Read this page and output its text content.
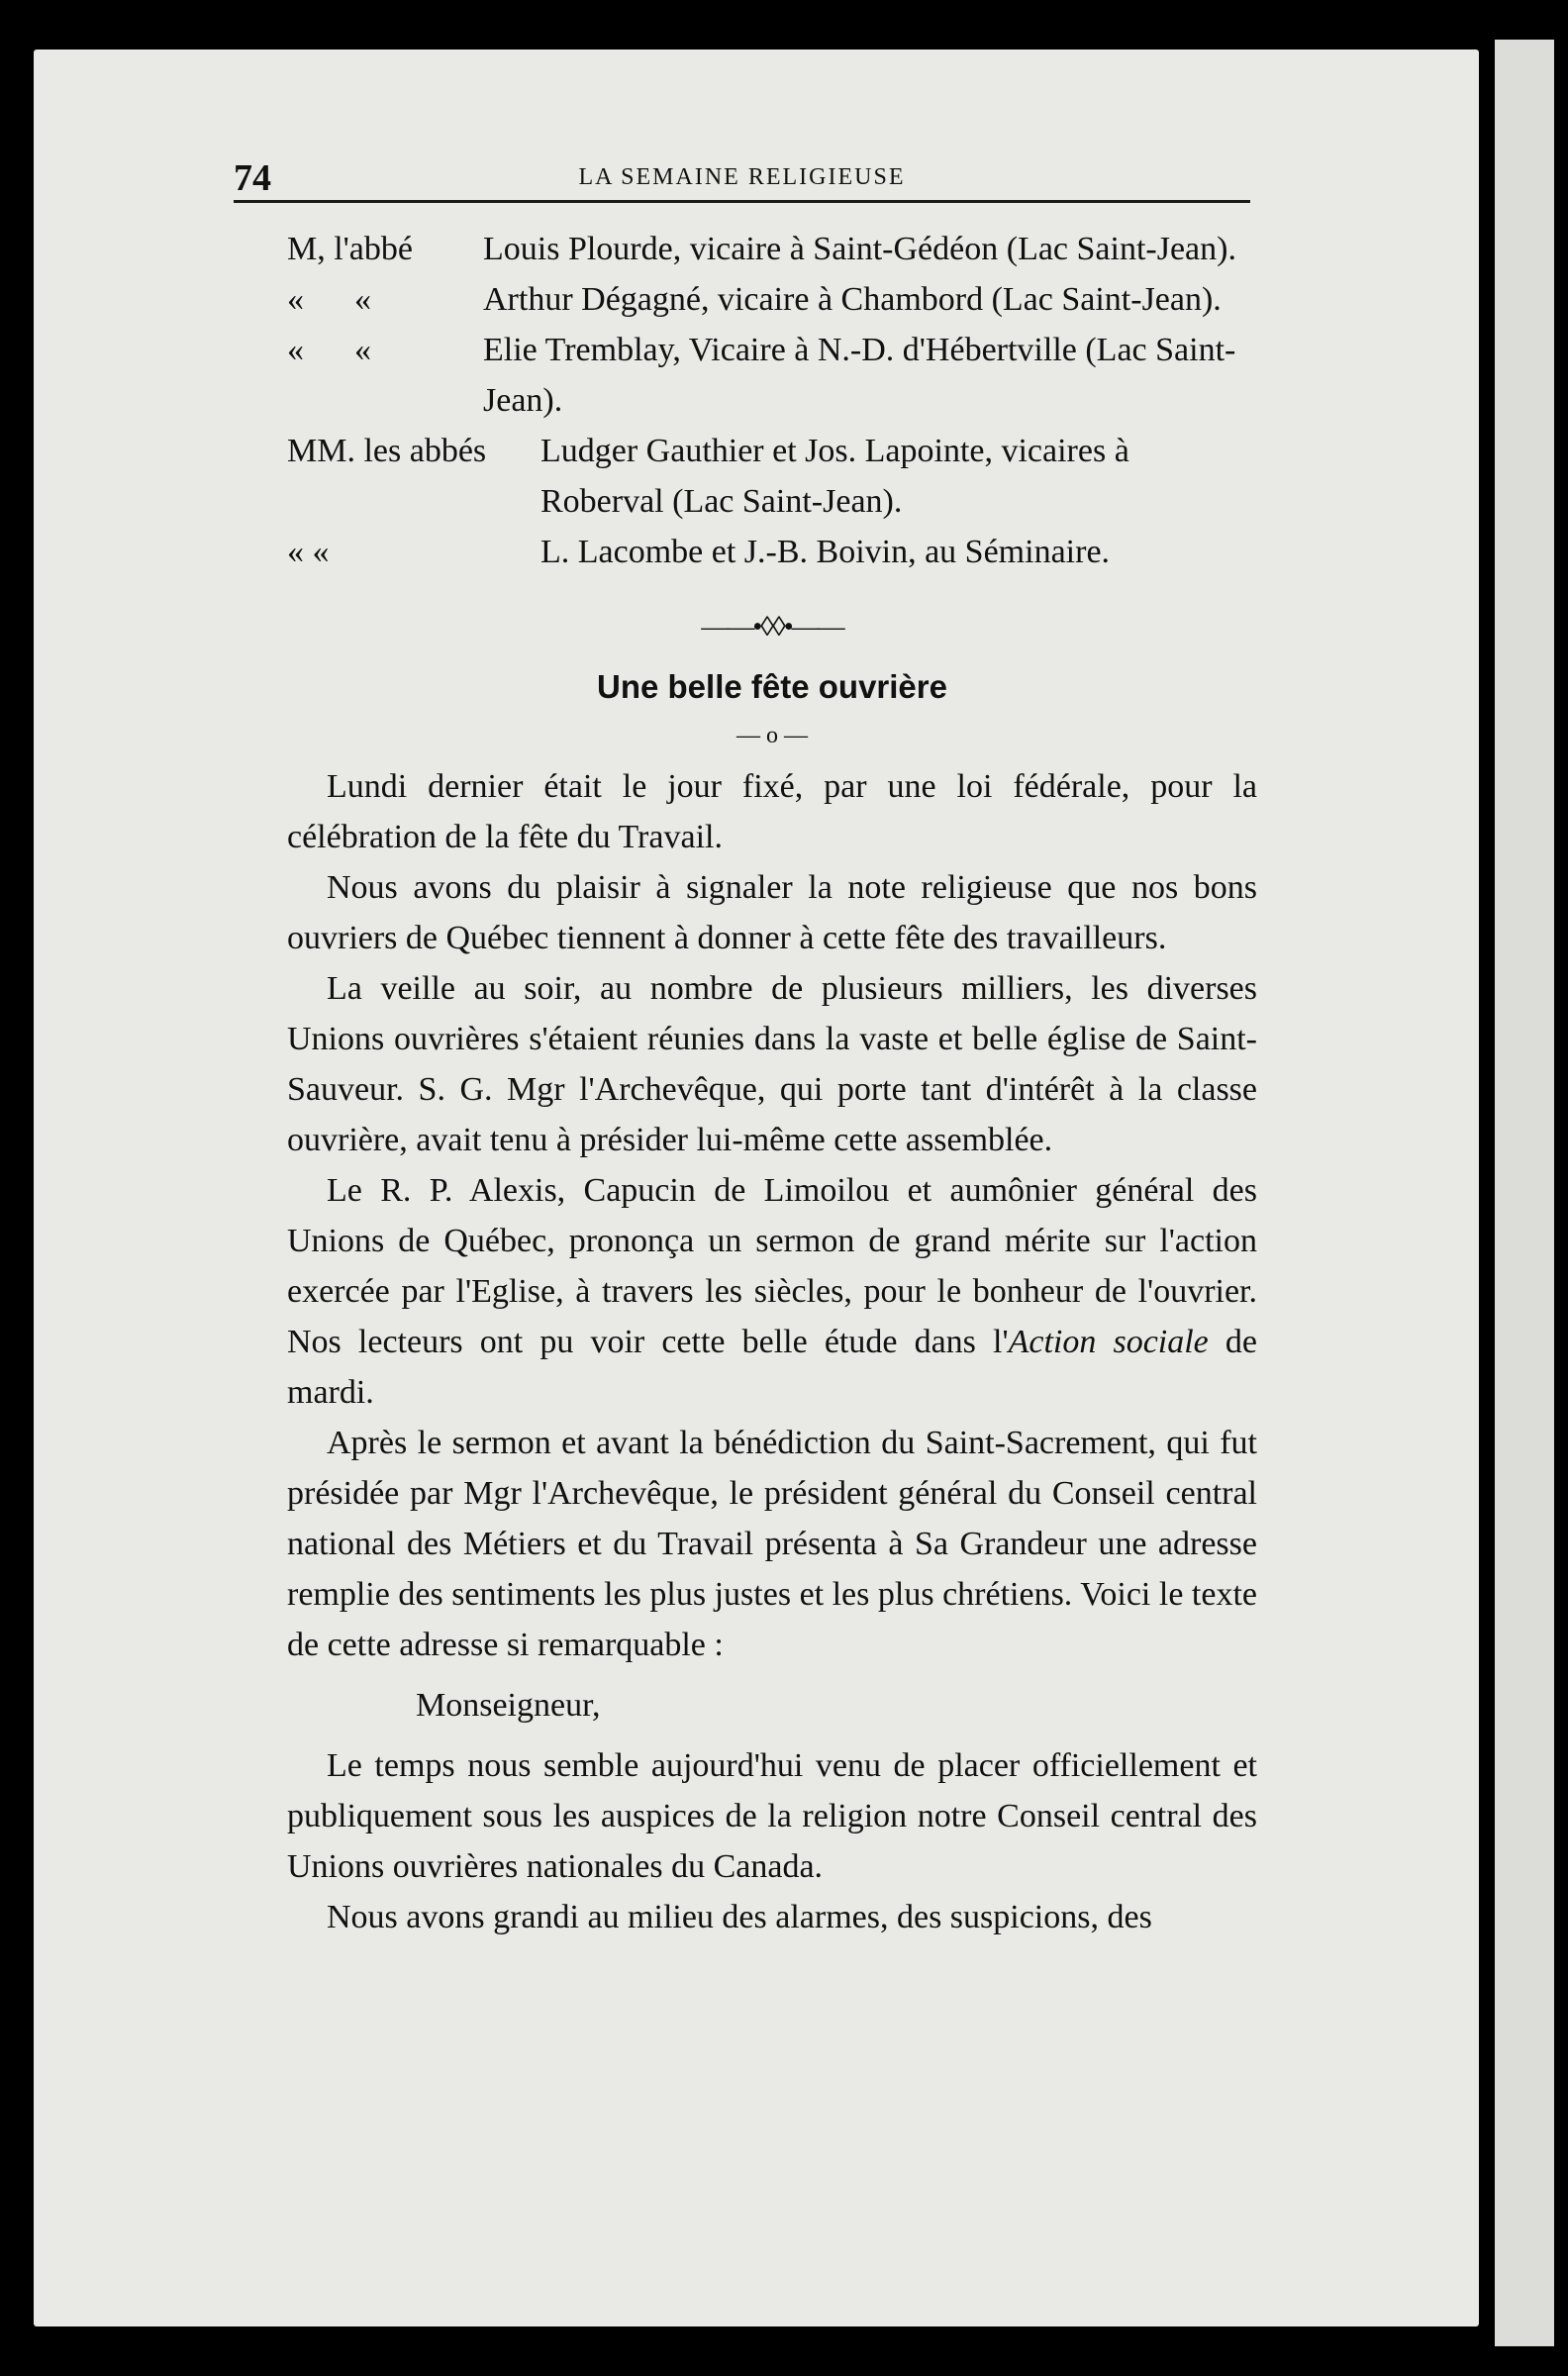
74	LA SEMAINE RELIGIEUSE
M, l'abbé	Louis Plourde, vicaire à Saint-Gédéon (Lac Saint-Jean).
«      «	Arthur Dégagné, vicaire à Chambord (Lac Saint-Jean).
«      «	Elie Tremblay, Vicaire à N.-D. d'Hébertville (Lac Saint-Jean).
MM. les abbés	Ludger Gauthier et Jos. Lapointe, vicaires à
Roberval (Lac Saint-Jean).
« «	L. Lacombe et J.-B. Boivin, au Séminaire.
——•◊◊•——
Une belle fête ouvrière
— o —

Lundi dernier était le jour fixé, par une loi fédérale, pour la célébration de la fête du Travail.

Nous avons du plaisir à signaler la note religieuse que nos bons ouvriers de Québec tiennent à donner à cette fête des travailleurs.

La veille au soir, au nombre de plusieurs milliers, les diverses Unions ouvrières s'étaient réunies dans la vaste et belle église de Saint-Sauveur. S. G. Mgr l'Archevêque, qui porte tant d'intérêt à la classe ouvrière, avait tenu à présider lui-même cette assemblée.

Le R. P. Alexis, Capucin de Limoilou et aumônier général des Unions de Québec, prononça un sermon de grand mérite sur l'action exercée par l'Eglise, à travers les siècles, pour le bonheur de l'ouvrier. Nos lecteurs ont pu voir cette belle étude dans l'Action sociale de mardi.

Après le sermon et avant la bénédiction du Saint-Sacrement, qui fut présidée par Mgr l'Archevêque, le président général du Conseil central national des Métiers et du Travail présenta à Sa Grandeur une adresse remplie des sentiments les plus justes et les plus chrétiens. Voici le texte de cette adresse si remarquable :

Monseigneur,

Le temps nous semble aujourd'hui venu de placer officiellement et publiquement sous les auspices de la religion notre Conseil central des Unions ouvrières nationales du Canada.

Nous avons grandi au milieu des alarmes, des suspicions, des
